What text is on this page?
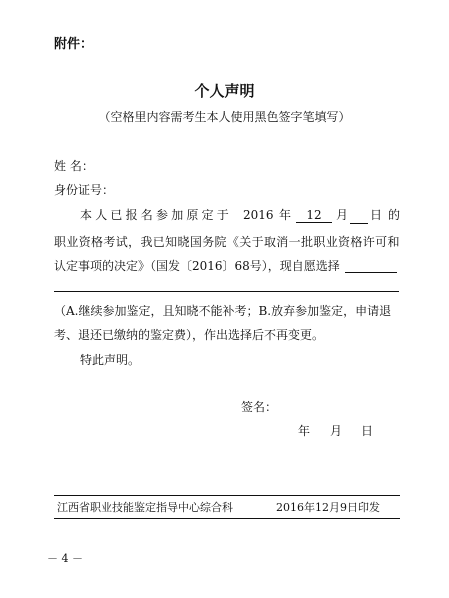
附件：
个人声明
（空格里内容需考生本人使用黑色签字笔填写）
姓 名：
身份证号：
本人已报名参加原定于 2016 年	12	月 日的
职业资格考试，我已知晓国务院《关于取消一批职业资格许可和
认定事项的决定》（国发〔2016〕68号），现自愿选择
（A.继续参加鉴定，且知晓不能补考；B.放弃参加鉴定，申请退
考、退还已缴纳的鉴定费），作出选择后不再变更。
特此声明。
签名：
年 月 日
江西省职业技能鉴定指导中心综合科	2016年12月9日印发
－ 4 －
